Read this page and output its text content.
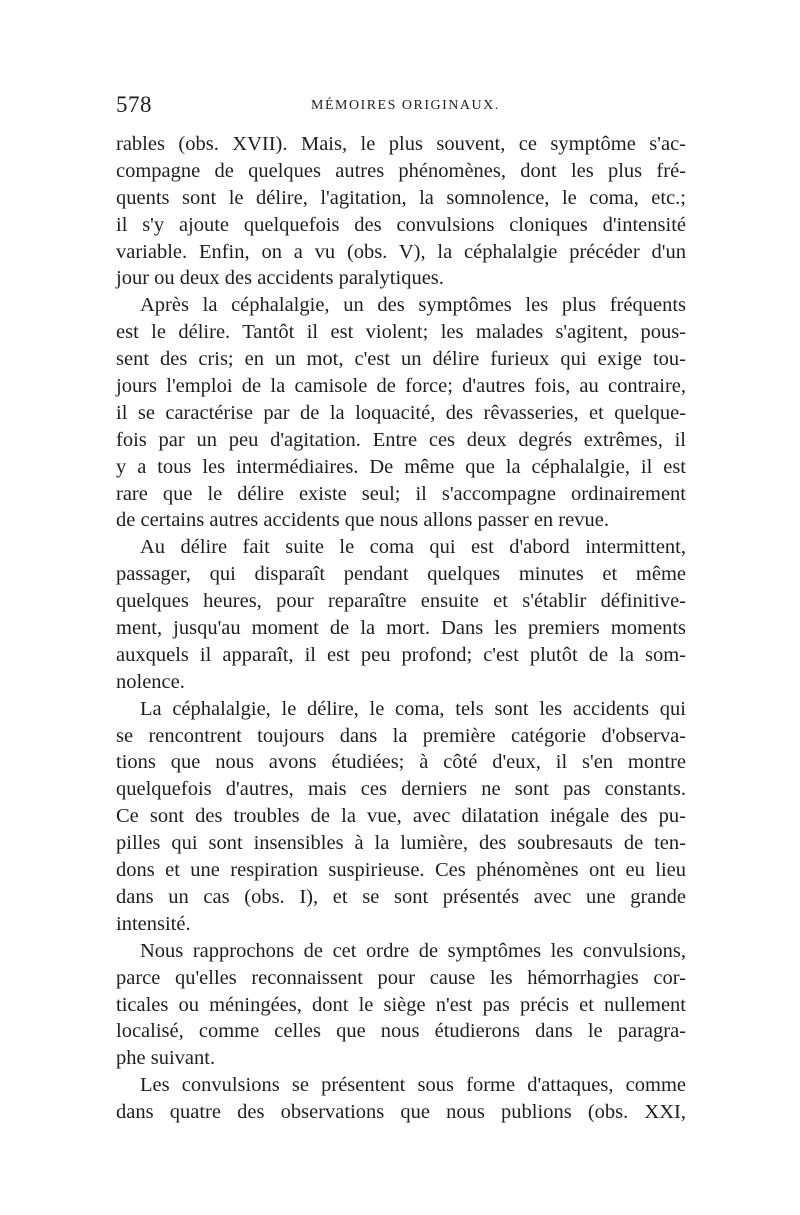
578	MÉMOIRES ORIGINAUX.
rables (obs. XVII). Mais, le plus souvent, ce symptôme s'ac-
compagne de quelques autres phénomènes, dont les plus fré-
quents sont le délire, l'agitation, la somnolence, le coma, etc.;
il s'y ajoute quelquefois des convulsions cloniques d'intensité
variable. Enfin, on a vu (obs. V), la céphalalgie précéder d'un
jour ou deux des accidents paralytiques.
Après la céphalalgie, un des symptômes les plus fréquents
est le délire. Tantôt il est violent; les malades s'agitent, pous-
sent des cris; en un mot, c'est un délire furieux qui exige tou-
jours l'emploi de la camisole de force; d'autres fois, au contraire,
il se caractérise par de la loquacité, des rêvasseries, et quelque-
fois par un peu d'agitation. Entre ces deux degrés extrêmes, il
y a tous les intermédiaires. De même que la céphalalgie, il est
rare que le délire existe seul; il s'accompagne ordinairement
de certains autres accidents que nous allons passer en revue.
Au délire fait suite le coma qui est d'abord intermittent,
passager, qui disparaît pendant quelques minutes et même
quelques heures, pour reparaître ensuite et s'établir définitive-
ment, jusqu'au moment de la mort. Dans les premiers moments
auxquels il apparaît, il est peu profond; c'est plutôt de la som-
nolence.
La céphalalgie, le délire, le coma, tels sont les accidents qui
se rencontrent toujours dans la première catégorie d'observa-
tions que nous avons étudiées; à côté d'eux, il s'en montre
quelquefois d'autres, mais ces derniers ne sont pas constants.
Ce sont des troubles de la vue, avec dilatation inégale des pu-
pilles qui sont insensibles à la lumière, des soubresauts de ten-
dons et une respiration suspirieuse. Ces phénomènes ont eu lieu
dans un cas (obs. I), et se sont présentés avec une grande
intensité.
Nous rapprochons de cet ordre de symptômes les convulsions,
parce qu'elles reconnaissent pour cause les hémorrhagies cor-
ticales ou méningées, dont le siège n'est pas précis et nullement
localisé, comme celles que nous étudierons dans le paragra-
phe suivant.
Les convulsions se présentent sous forme d'attaques, comme
dans quatre des observations que nous publions (obs. XXI,
